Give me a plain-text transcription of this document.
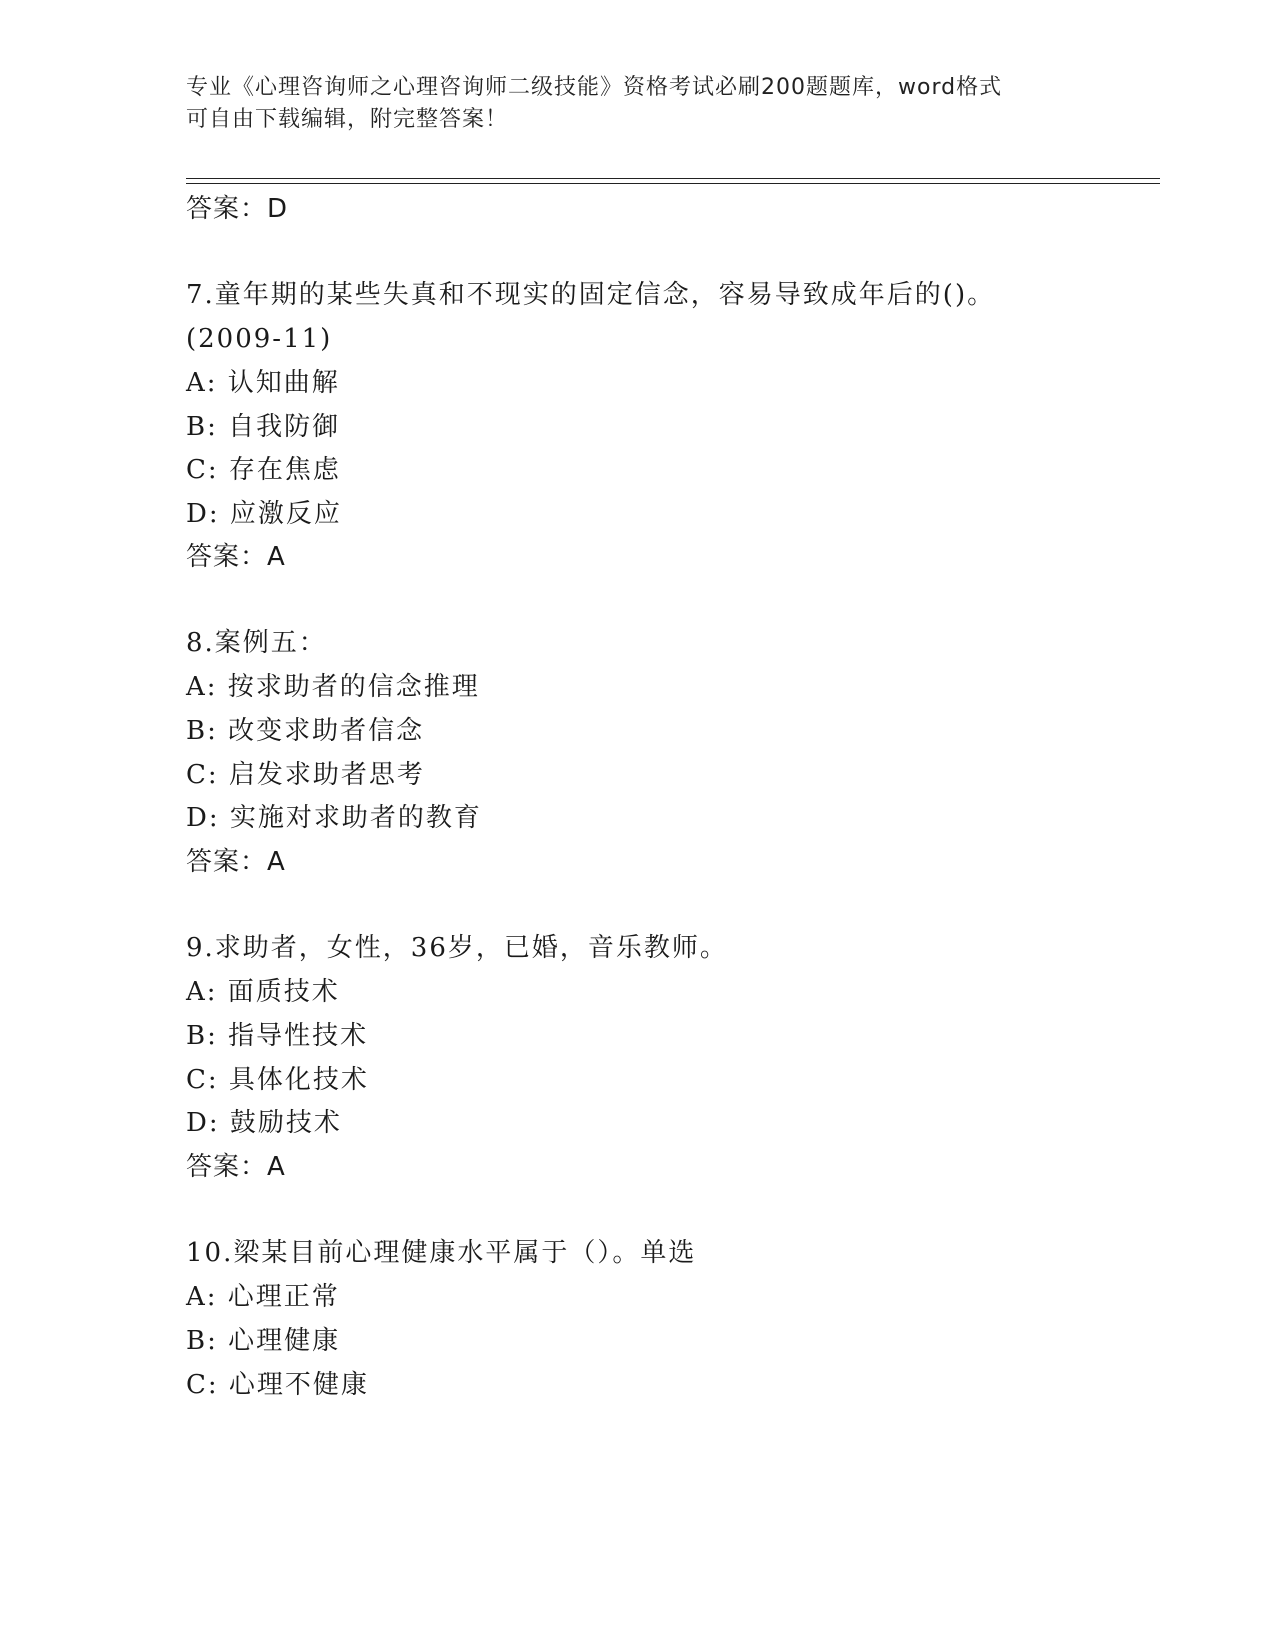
专业《心理咨询师之心理咨询师二级技能》资格考试必刷200题题库，word格式
可自由下载编辑，附完整答案！
答案：D
7.童年期的某些失真和不现实的固定信念，容易导致成年后的()。
(2009-11)
A: 认知曲解
B: 自我防御
C: 存在焦虑
D: 应激反应
答案：A
8.案例五：
A: 按求助者的信念推理
B: 改变求助者信念
C: 启发求助者思考
D: 实施对求助者的教育
答案：A
9.求助者，女性，36岁，已婚，音乐教师。
A: 面质技术
B: 指导性技术
C: 具体化技术
D: 鼓励技术
答案：A
10.梁某目前心理健康水平属于（）。单选
A: 心理正常
B: 心理健康
C: 心理不健康
